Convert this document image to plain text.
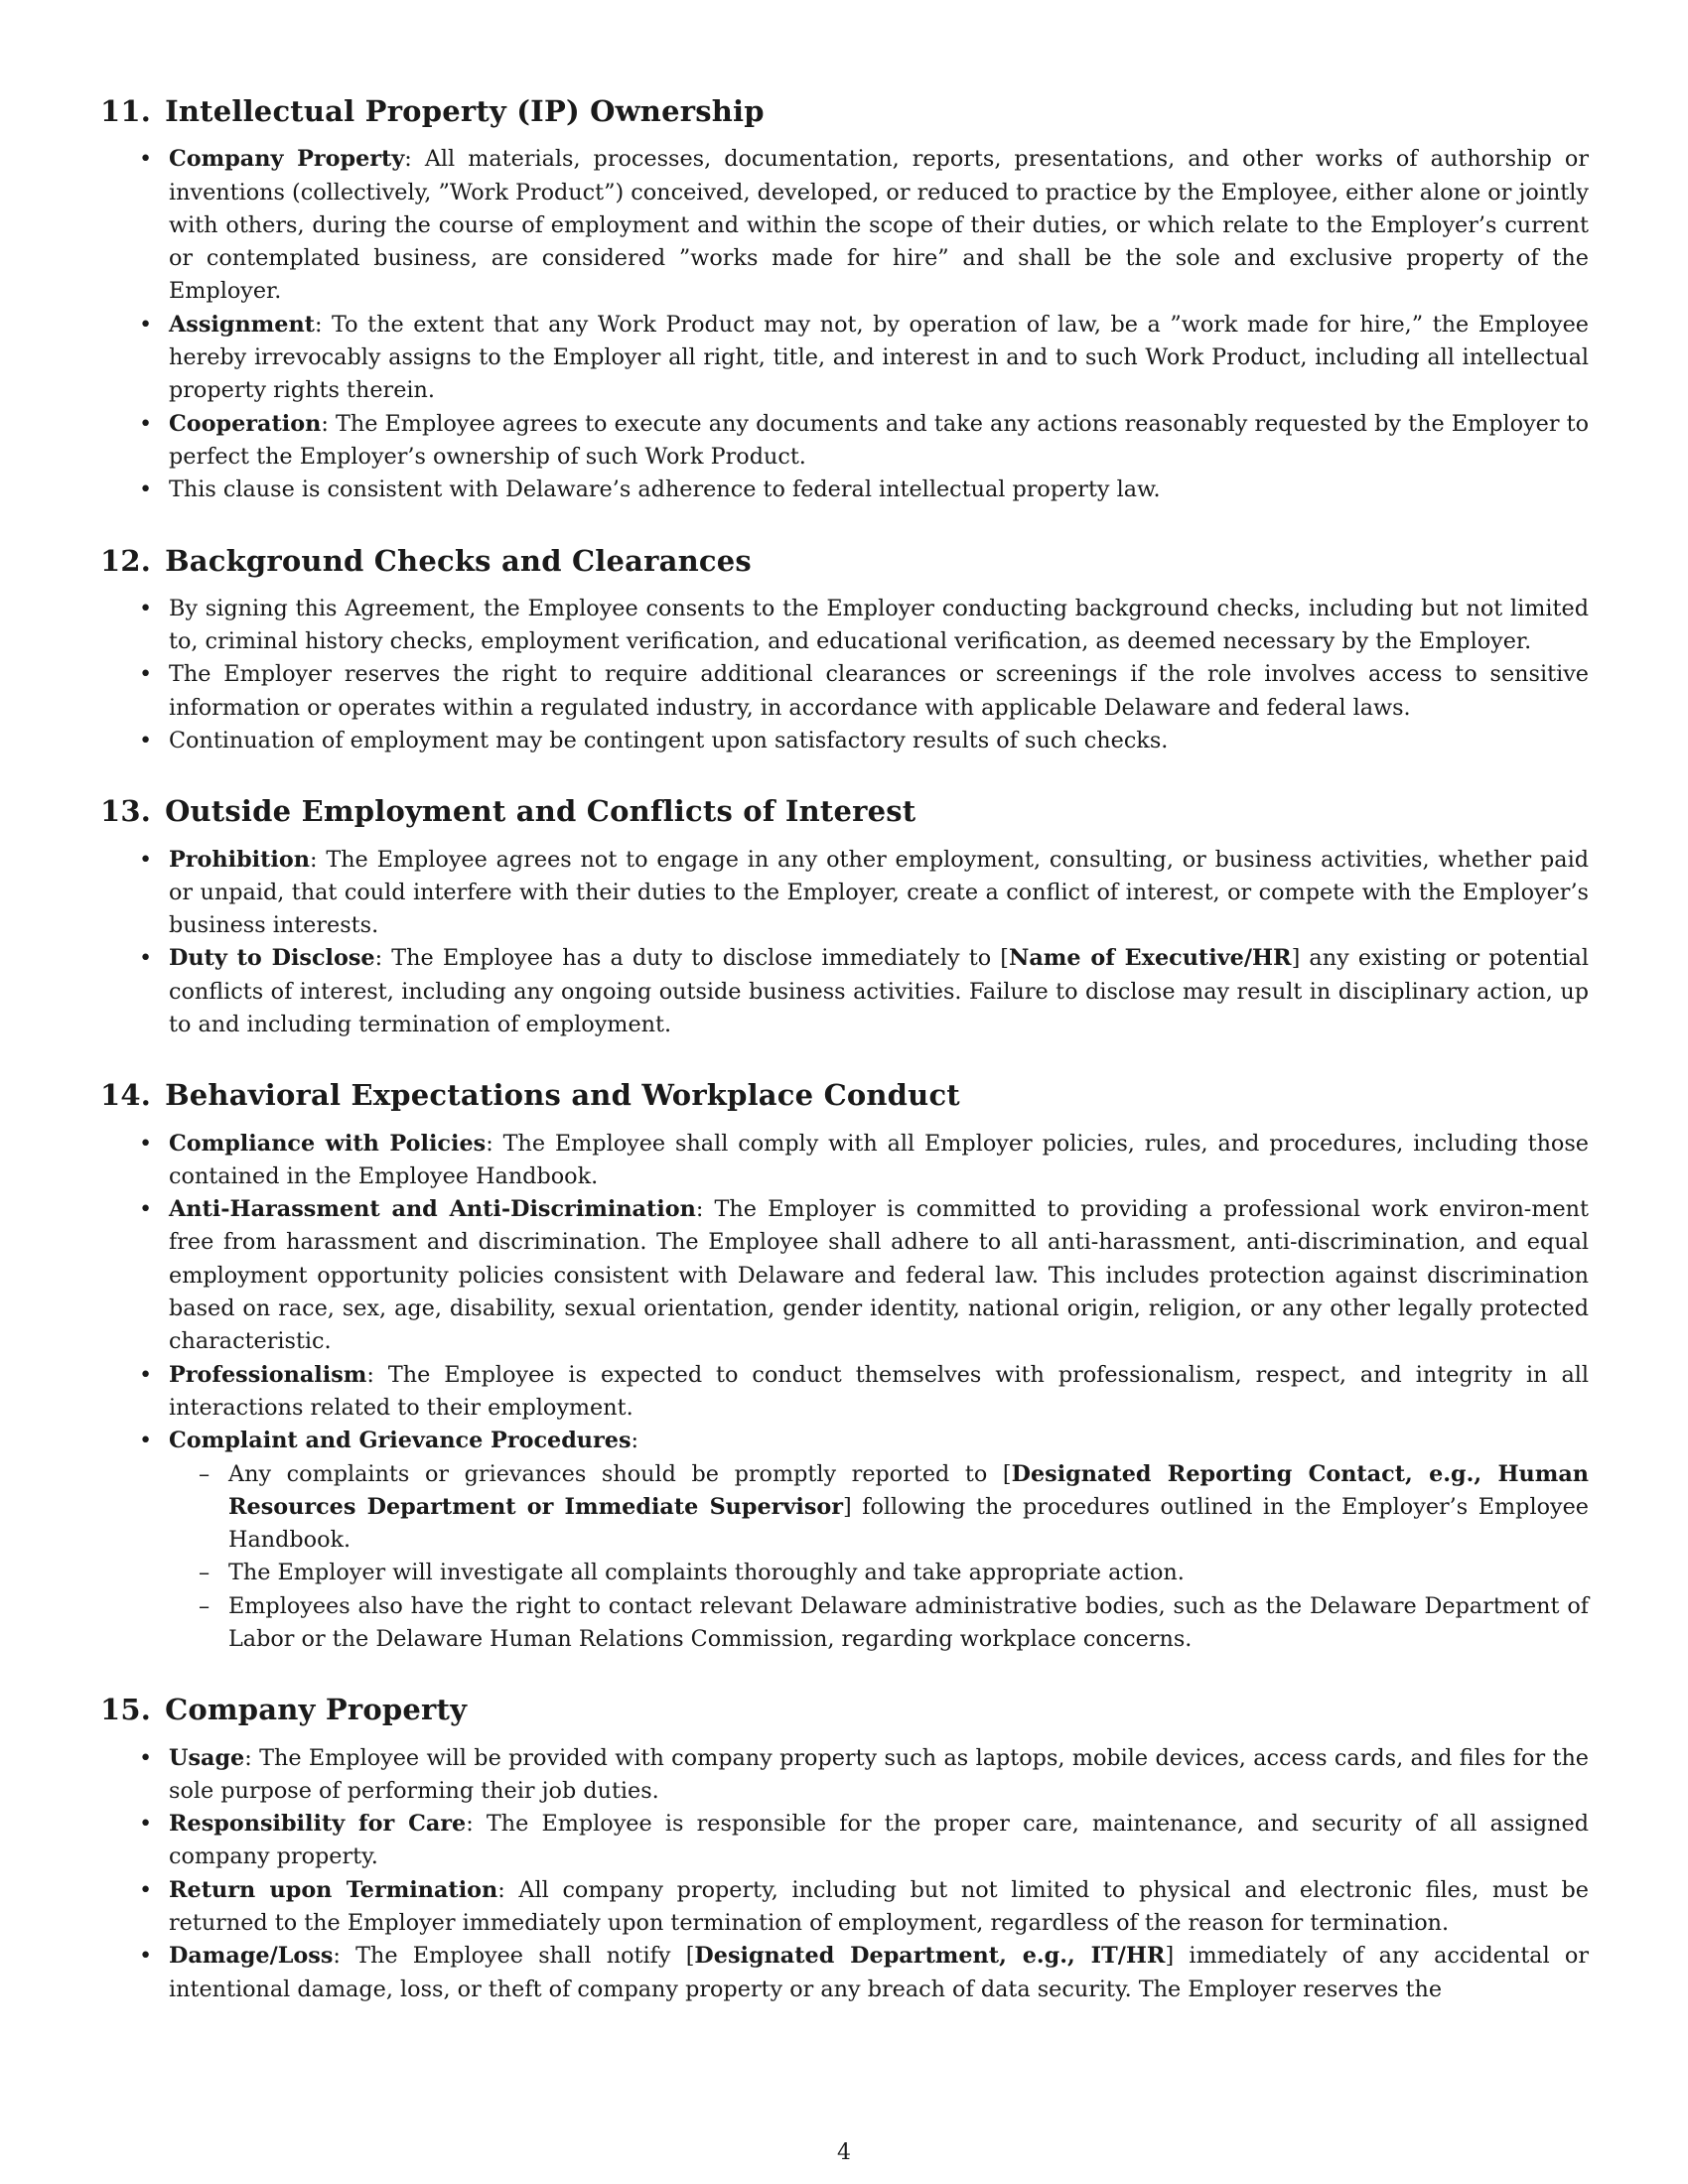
11. Intellectual Property (IP) Ownership
• Company Property: All materials, processes, documentation, reports, presentations, and other works of authorship or inventions (collectively, ”Work Product”) conceived, developed, or reduced to practice by the Employee, either alone or jointly with others, during the course of employment and within the scope of their duties, or which relate to the Employer’s current or contemplated business, are considered ”works made for hire” and shall be the sole and exclusive property of the Employer.
• Assignment: To the extent that any Work Product may not, by operation of law, be a ”work made for hire,” the Employee hereby irrevocably assigns to the Employer all right, title, and interest in and to such Work Product, including all intellectual property rights therein.
• Cooperation: The Employee agrees to execute any documents and take any actions reasonably requested by the Employer to perfect the Employer’s ownership of such Work Product.
• This clause is consistent with Delaware’s adherence to federal intellectual property law.
12. Background Checks and Clearances
• By signing this Agreement, the Employee consents to the Employer conducting background checks, including but not limited to, criminal history checks, employment verification, and educational verification, as deemed necessary by the Employer.
• The Employer reserves the right to require additional clearances or screenings if the role involves access to sensitive information or operates within a regulated industry, in accordance with applicable Delaware and federal laws.
• Continuation of employment may be contingent upon satisfactory results of such checks.
13. Outside Employment and Conflicts of Interest
• Prohibition: The Employee agrees not to engage in any other employment, consulting, or business activities, whether paid or unpaid, that could interfere with their duties to the Employer, create a conflict of interest, or compete with the Employer’s business interests.
• Duty to Disclose: The Employee has a duty to disclose immediately to [Name of Executive/HR] any existing or potential conflicts of interest, including any ongoing outside business activities. Failure to disclose may result in disciplinary action, up to and including termination of employment.
14. Behavioral Expectations and Workplace Conduct
• Compliance with Policies: The Employee shall comply with all Employer policies, rules, and procedures, including those contained in the Employee Handbook.
• Anti-Harassment and Anti-Discrimination: The Employer is committed to providing a professional work environ-ment free from harassment and discrimination. The Employee shall adhere to all anti-harassment, anti-discrimination, and equal employment opportunity policies consistent with Delaware and federal law. This includes protection against discrimination based on race, sex, age, disability, sexual orientation, gender identity, national origin, religion, or any other legally protected characteristic.
• Professionalism: The Employee is expected to conduct themselves with professionalism, respect, and integrity in all interactions related to their employment.
• Complaint and Grievance Procedures:
– Any complaints or grievances should be promptly reported to [Designated Reporting Contact, e.g., Human Resources Department or Immediate Supervisor] following the procedures outlined in the Employer’s Employee Handbook.
– The Employer will investigate all complaints thoroughly and take appropriate action.
– Employees also have the right to contact relevant Delaware administrative bodies, such as the Delaware Department of Labor or the Delaware Human Relations Commission, regarding workplace concerns.
15. Company Property
• Usage: The Employee will be provided with company property such as laptops, mobile devices, access cards, and files for the sole purpose of performing their job duties.
• Responsibility for Care: The Employee is responsible for the proper care, maintenance, and security of all assigned company property.
• Return upon Termination: All company property, including but not limited to physical and electronic files, must be returned to the Employer immediately upon termination of employment, regardless of the reason for termination.
• Damage/Loss: The Employee shall notify [Designated Department, e.g., IT/HR] immediately of any accidental or intentional damage, loss, or theft of company property or any breach of data security. The Employer reserves the
4
